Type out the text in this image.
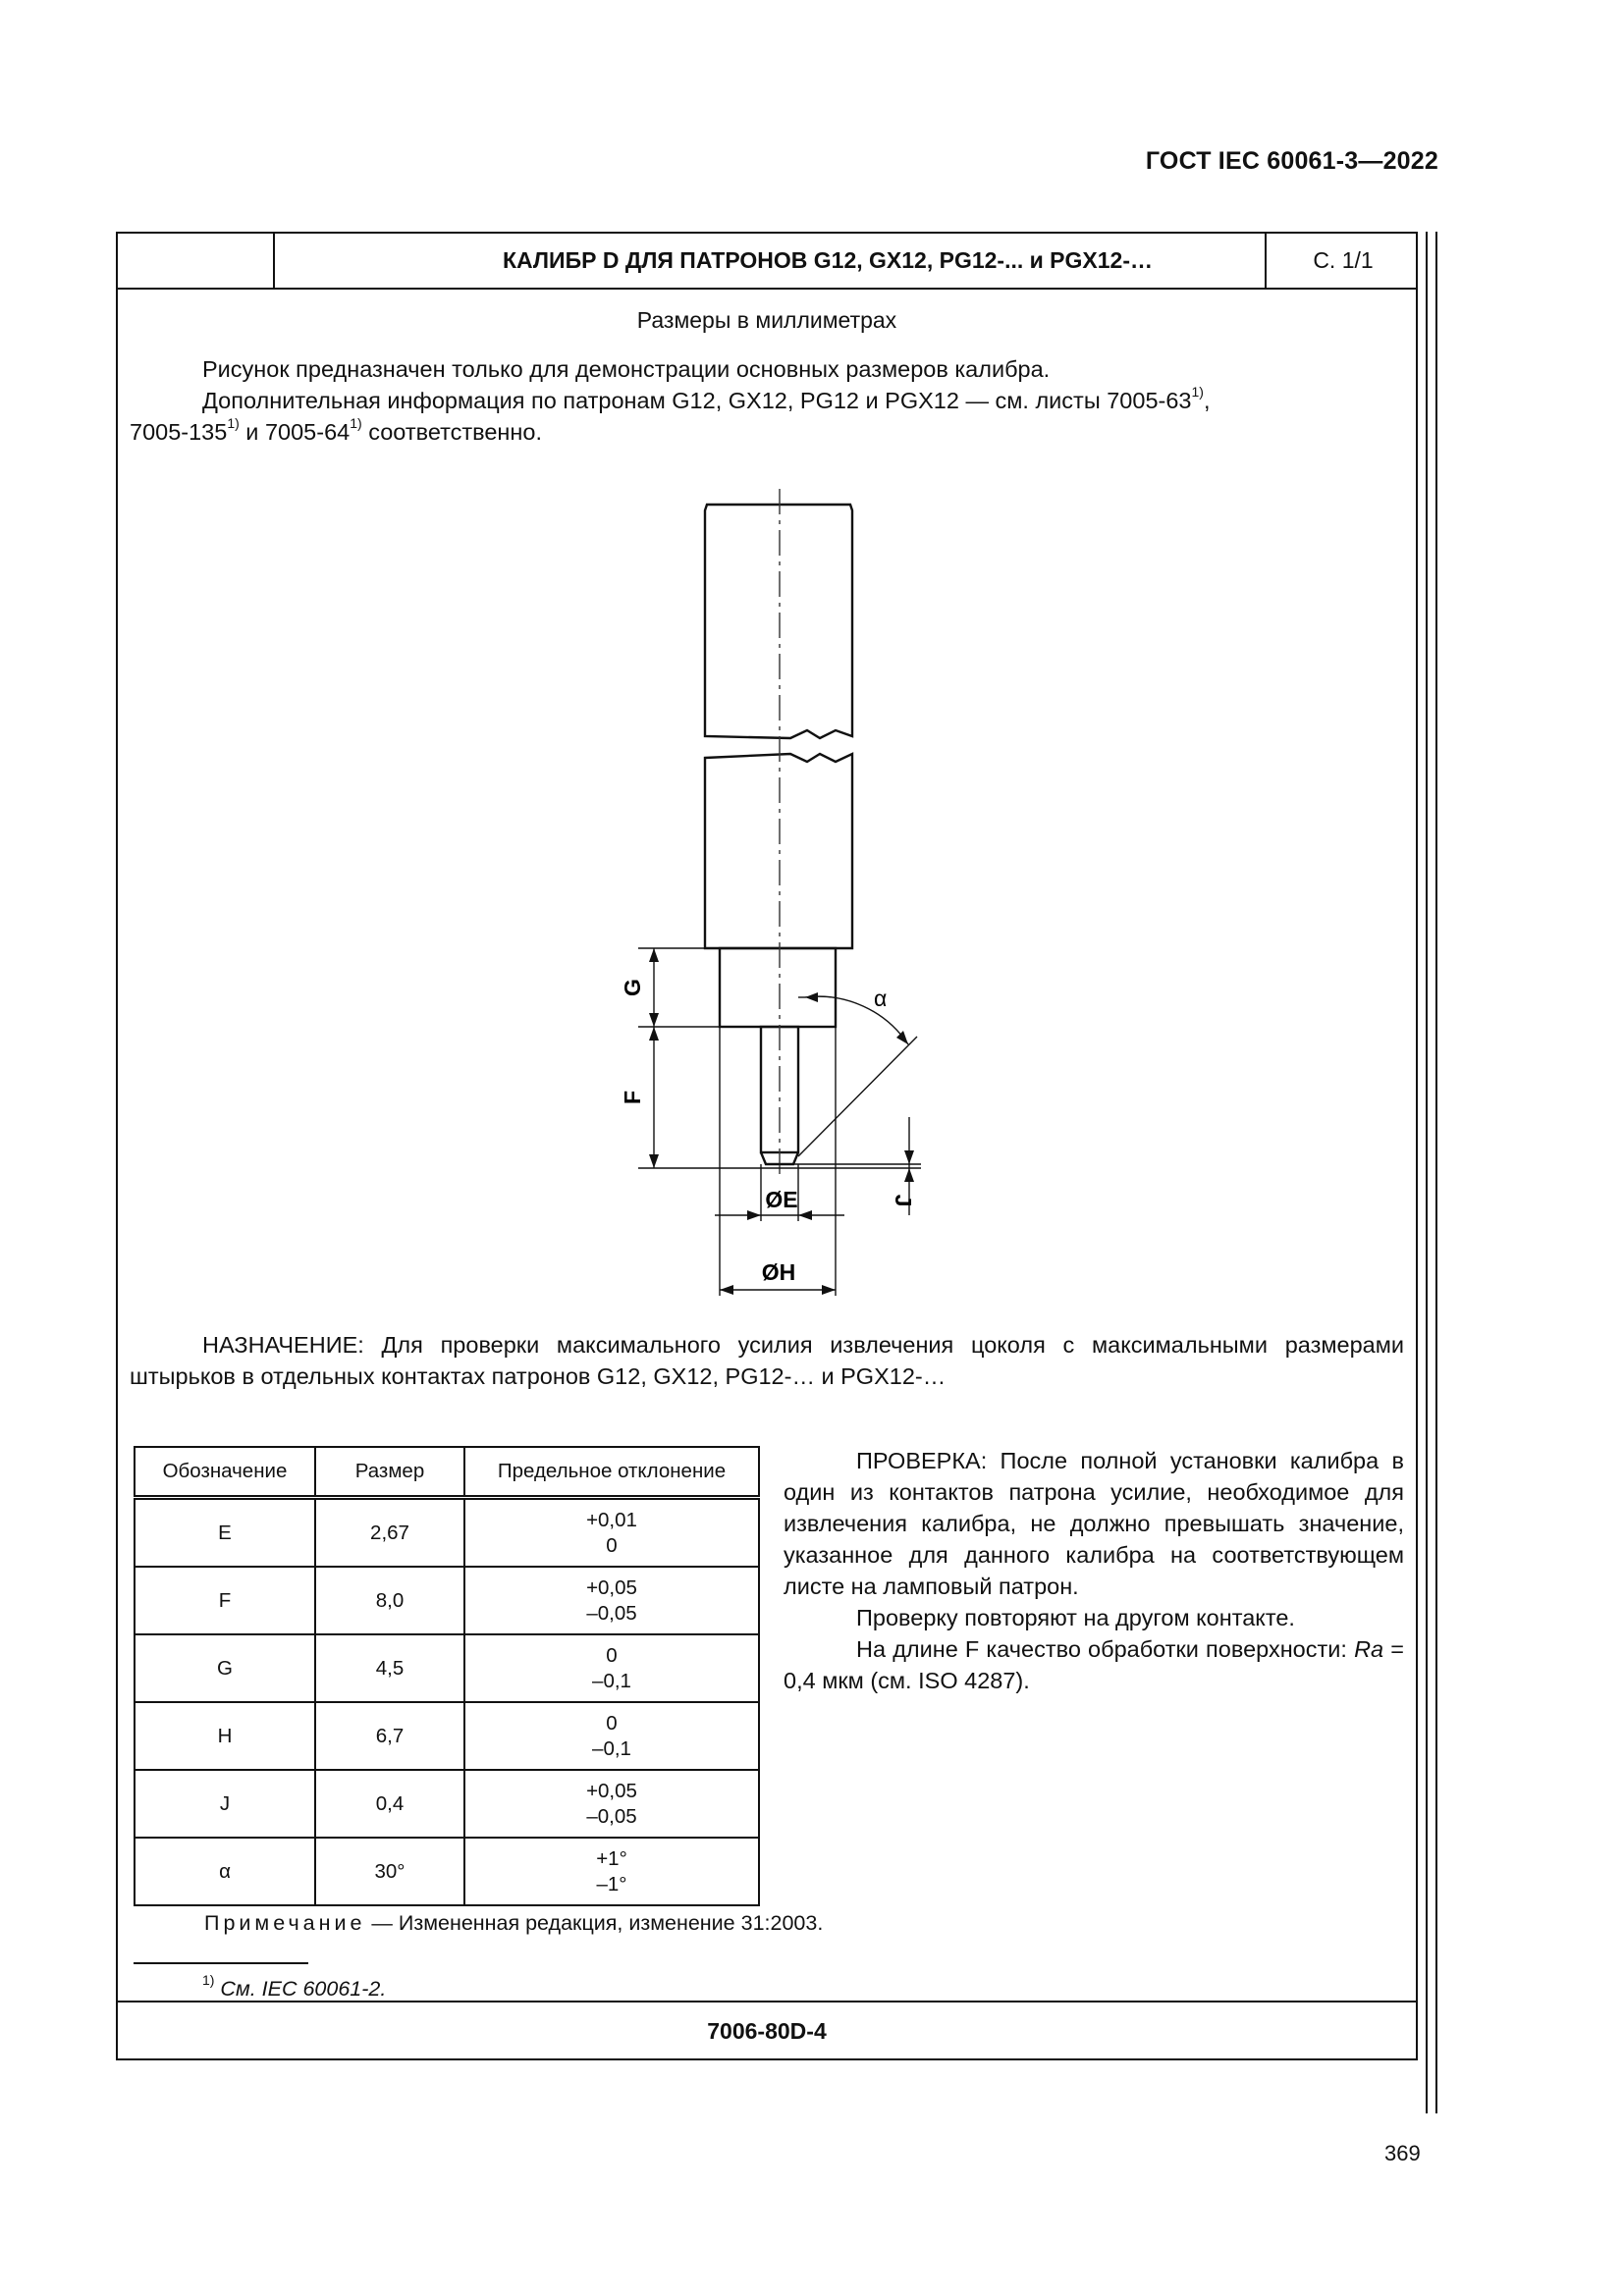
ГОСТ IEC 60061-3—2022
КАЛИБР D ДЛЯ ПАТРОНОВ G12, GX12, PG12-... и PGX12-…	С. 1/1
Размеры в миллиметрах
Рисунок предназначен только для демонстрации основных размеров калибра.
Дополнительная информация по патронам G12, GX12, PG12 и PGX12 — см. листы 7005-63$^{1)}$,
7005-135$^{1)}$ и 7005-64$^{1)}$ соответственно.
G
F
J
α
ØE
ØH
НАЗНАЧЕНИЕ: Для проверки максимального усилия извлечения цоколя с максимальными размерами штырьков в отдельных контактах патронов G12, GX12, PG12-… и PGX12-…
Обозначение	Размер	Предельное отклонение
E	2,67	+0,01
0

F	8,0	+0,05
–0,05

G	4,5	0
–0,1

H	6,7	0
–0,1

J	0,4	+0,05
–0,05

α	30°	+1°
–1°
ПРОВЕРКА: После полной установки калибра в один из контактов патрона усилие, необходимое для извлечения калибра, не должно превышать значение, указанное для данного калибра на соответствующем листе на ламповый патрон.
Проверку повторяют на другом контакте.
На длине F качество обработки поверхности: Ra = 0,4 мкм (см. ISO 4287).
Примечание — Измененная редакция, изменение 31:2003.
$^{1)}$ См. IEC 60061-2.
7006-80D-4
369
